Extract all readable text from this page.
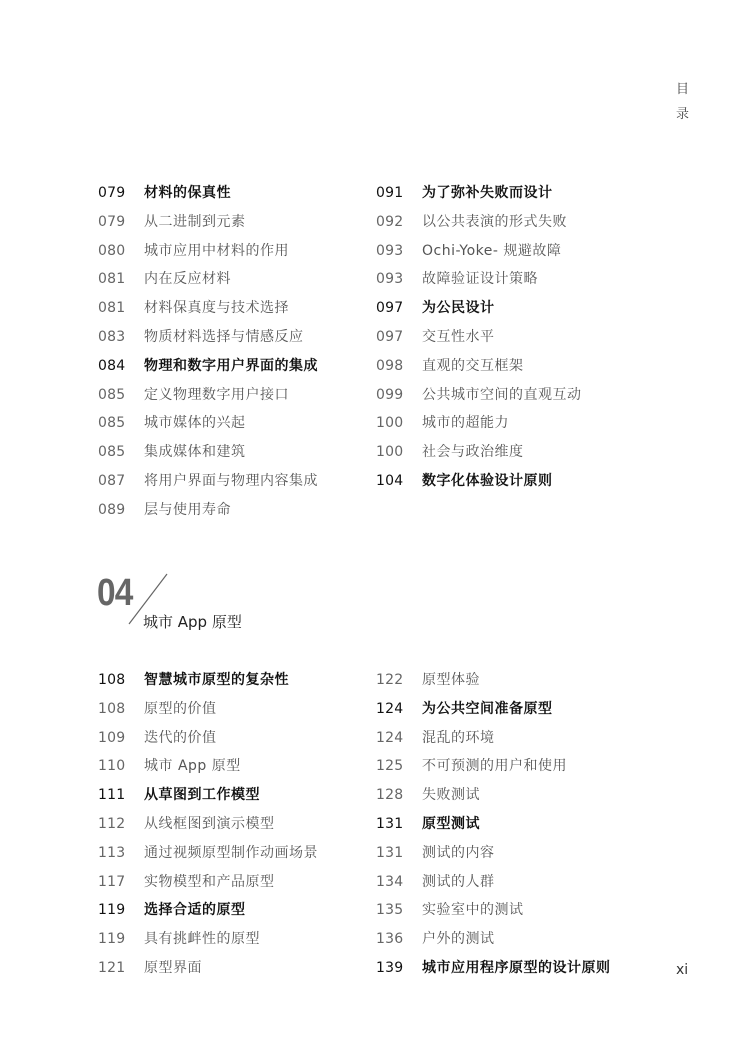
目
录
079	材料的保真性
079	从二进制到元素
080	城市应用中材料的作用
081	内在反应材料
081	材料保真度与技术选择
083	物质材料选择与情感反应
084	物理和数字用户界面的集成
085	定义物理数字用户接口
085	城市媒体的兴起
085	集成媒体和建筑
087	将用户界面与物理内容集成
089	层与使用寿命
091	为了弥补失败而设计
092	以公共表演的形式失败
093	Ochi-Yoke- 规避故障
093	故障验证设计策略
097	为公民设计
097	交互性水平
098	直观的交互框架
099	公共城市空间的直观互动
100	城市的超能力
100	社会与政治维度
104	数字化体验设计原则
04
城市 App 原型
108	智慧城市原型的复杂性
108	原型的价值
109	迭代的价值
110	城市 App 原型
111	从草图到工作模型
112	从线框图到演示模型
113	通过视频原型制作动画场景
117	实物模型和产品原型
119	选择合适的原型
119	具有挑衅性的原型
121	原型界面
122	原型体验
124	为公共空间准备原型
124	混乱的环境
125	不可预测的用户和使用
128	失败测试
131	原型测试
131	测试的内容
134	测试的人群
135	实验室中的测试
136	户外的测试
139	城市应用程序原型的设计原则	xi
